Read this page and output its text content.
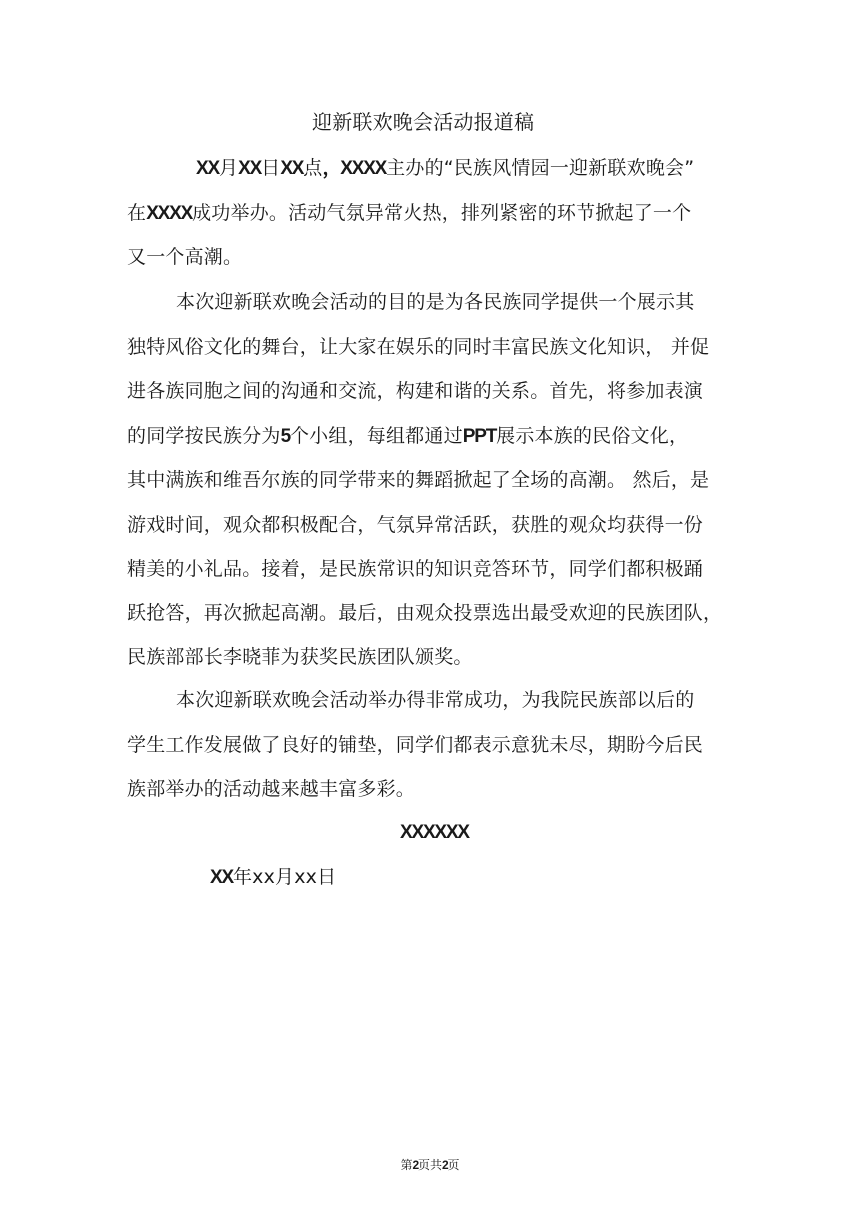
迎新联欢晚会活动报道稿
XX月XX日XX点，XXXX主办的“民族风情园一迎新联欢晚会”
在XXXX成功举办。活动气氛异常火热，排列紧密的环节掀起了一个
又一个高潮。
本次迎新联欢晚会活动的目的是为各民族同学提供一个展示其
独特风俗文化的舞台，让大家在娱乐的同时丰富民族文化知识， 并促
进各族同胞之间的沟通和交流，构建和谐的关系。首先，将参加表演
的同学按民族分为5个小组，每组都通过PPT展示本族的民俗文化，
其中满族和维吾尔族的同学带来的舞蹈掀起了全场的高潮。 然后，是
游戏时间，观众都积极配合，气氛异常活跃，获胜的观众均获得一份
精美的小礼品。接着，是民族常识的知识竞答环节，同学们都积极踊
跃抢答，再次掀起高潮。最后，由观众投票选出最受欢迎的民族团队，
民族部部长李晓菲为获奖民族团队颁奖。
本次迎新联欢晚会活动举办得非常成功，为我院民族部以后的
学生工作发展做了良好的铺垫，同学们都表示意犹未尽，期盼今后民
族部举办的活动越来越丰富多彩。
XXXXXX
XX年xx月xx日
第2页共2页
